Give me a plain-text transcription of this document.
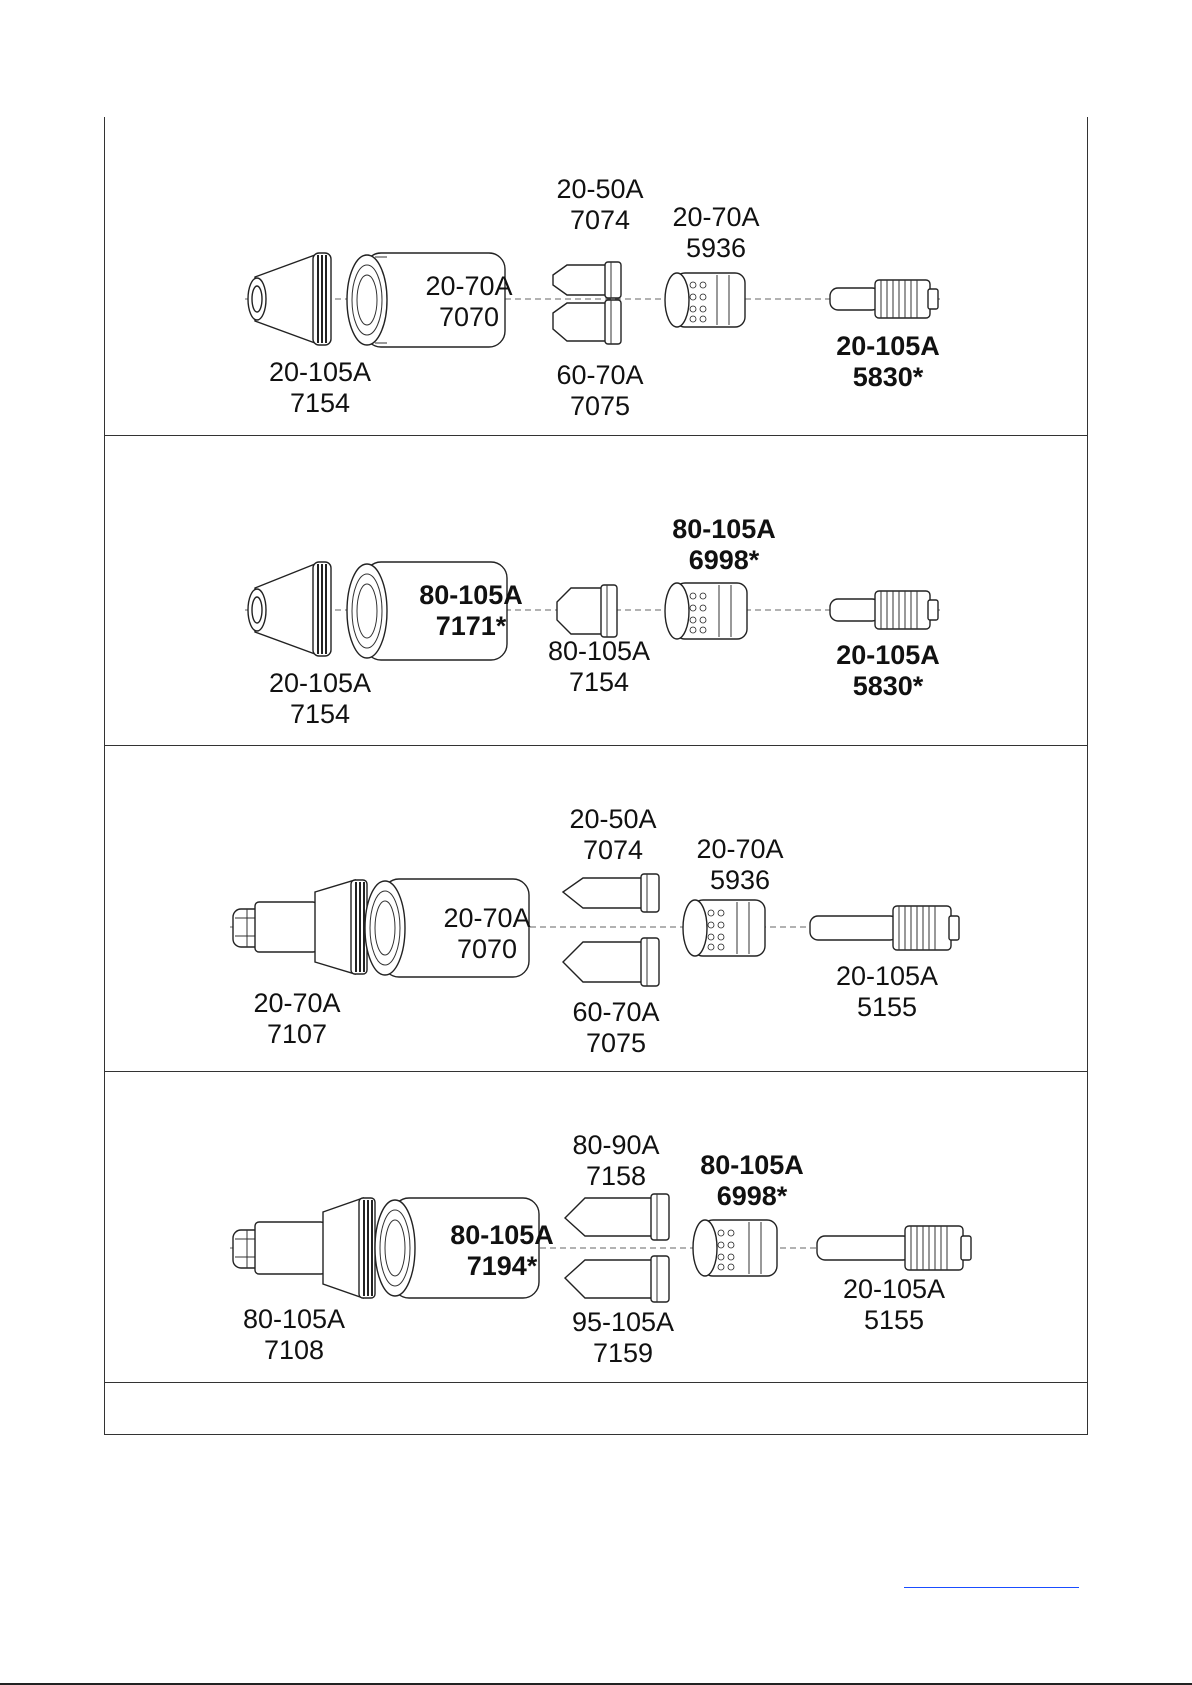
20-105A
7154
20-70A
7070
20-50A
7074
60-70A
7075
20-70A
5936
20-105A
5830*
20-105A
7154
80-105A
7171*
80-105A
7154
80-105A
6998*
20-105A
5830*
20-70A
7107
20-70A
7070
20-50A
7074
60-70A
7075
20-70A
5936
20-105A
5155
80-105A
7108
80-105A
7194*
80-90A
7158
95-105A
7159
80-105A
6998*
20-105A
5155
